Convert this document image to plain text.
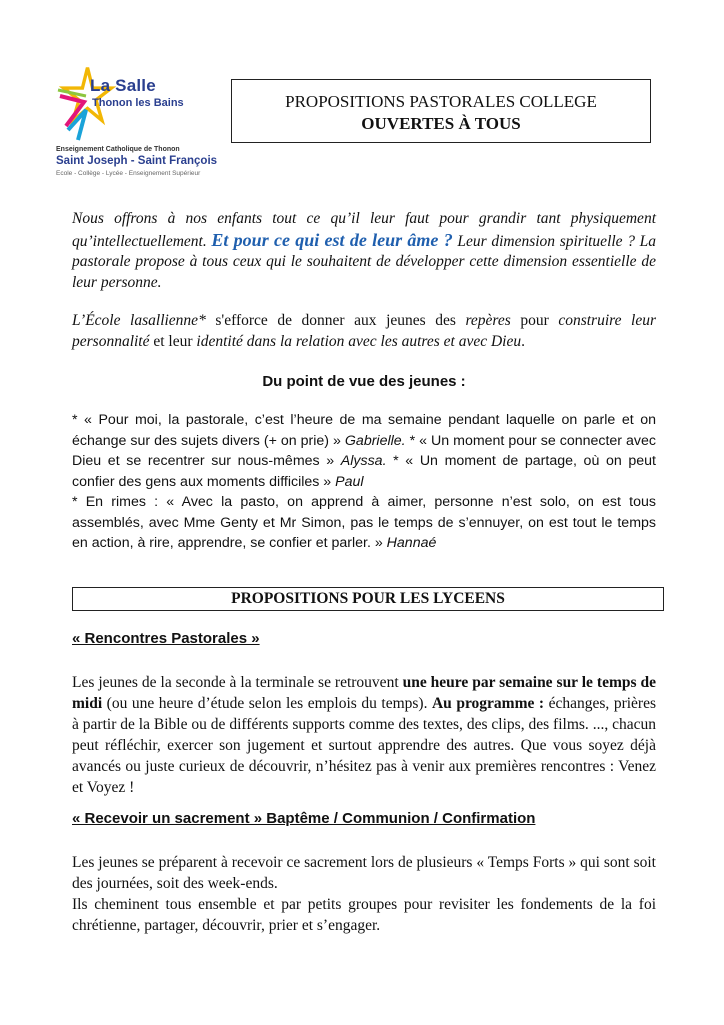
La Salle
Thonon les Bains
Enseignement Catholique de Thonon
Saint Joseph - Saint François
Ecole - Collège - Lycée - Enseignement Supérieur
PROPOSITIONS PASTORALES COLLEGE
OUVERTES À TOUS
Nous offrons à nos enfants tout ce qu’il leur faut pour grandir tant physiquement qu’intellectuellement. Et pour ce qui est de leur âme ? Leur dimension spirituelle ? La pastorale propose à tous ceux qui le souhaitent de développer cette dimension essentielle de leur personne.
L’École lasallienne* s'efforce de donner aux jeunes des repères pour construire leur personnalité et leur identité dans la relation avec les autres et avec Dieu.
Du point de vue des jeunes :
* « Pour moi, la pastorale, c’est l’heure de ma semaine pendant laquelle on parle et on échange sur des sujets divers (+ on prie) » Gabrielle. * « Un moment pour se connecter avec Dieu et se recentrer sur nous-mêmes » Alyssa. * « Un moment de partage, où on peut confier des gens aux moments difficiles » Paul
* En rimes : « Avec la pasto, on apprend à aimer, personne n’est solo, on est tous assemblés, avec Mme Genty et Mr Simon, pas le temps de s’ennuyer, on est tout le temps en action, à rire, apprendre, se confier et parler. » Hannaé
PROPOSITIONS POUR LES LYCEENS
« Rencontres Pastorales »
Les jeunes de la seconde à la terminale se retrouvent une heure par semaine sur le temps de midi (ou une heure d’étude selon les emplois du temps). Au programme : échanges, prières à partir de la Bible ou de différents supports comme des textes, des clips, des films. ..., chacun peut réfléchir, exercer son jugement et surtout apprendre des autres. Que vous soyez déjà avancés ou juste curieux de découvrir, n’hésitez pas à venir aux premières rencontres : Venez et Voyez !
« Recevoir un sacrement » Baptême / Communion / Confirmation
Les jeunes se préparent à recevoir ce sacrement lors de plusieurs « Temps Forts » qui sont soit des journées, soit des week-ends.
Ils cheminent tous ensemble et par petits groupes pour revisiter les fondements de la foi chrétienne, partager, découvrir, prier et s’engager.
